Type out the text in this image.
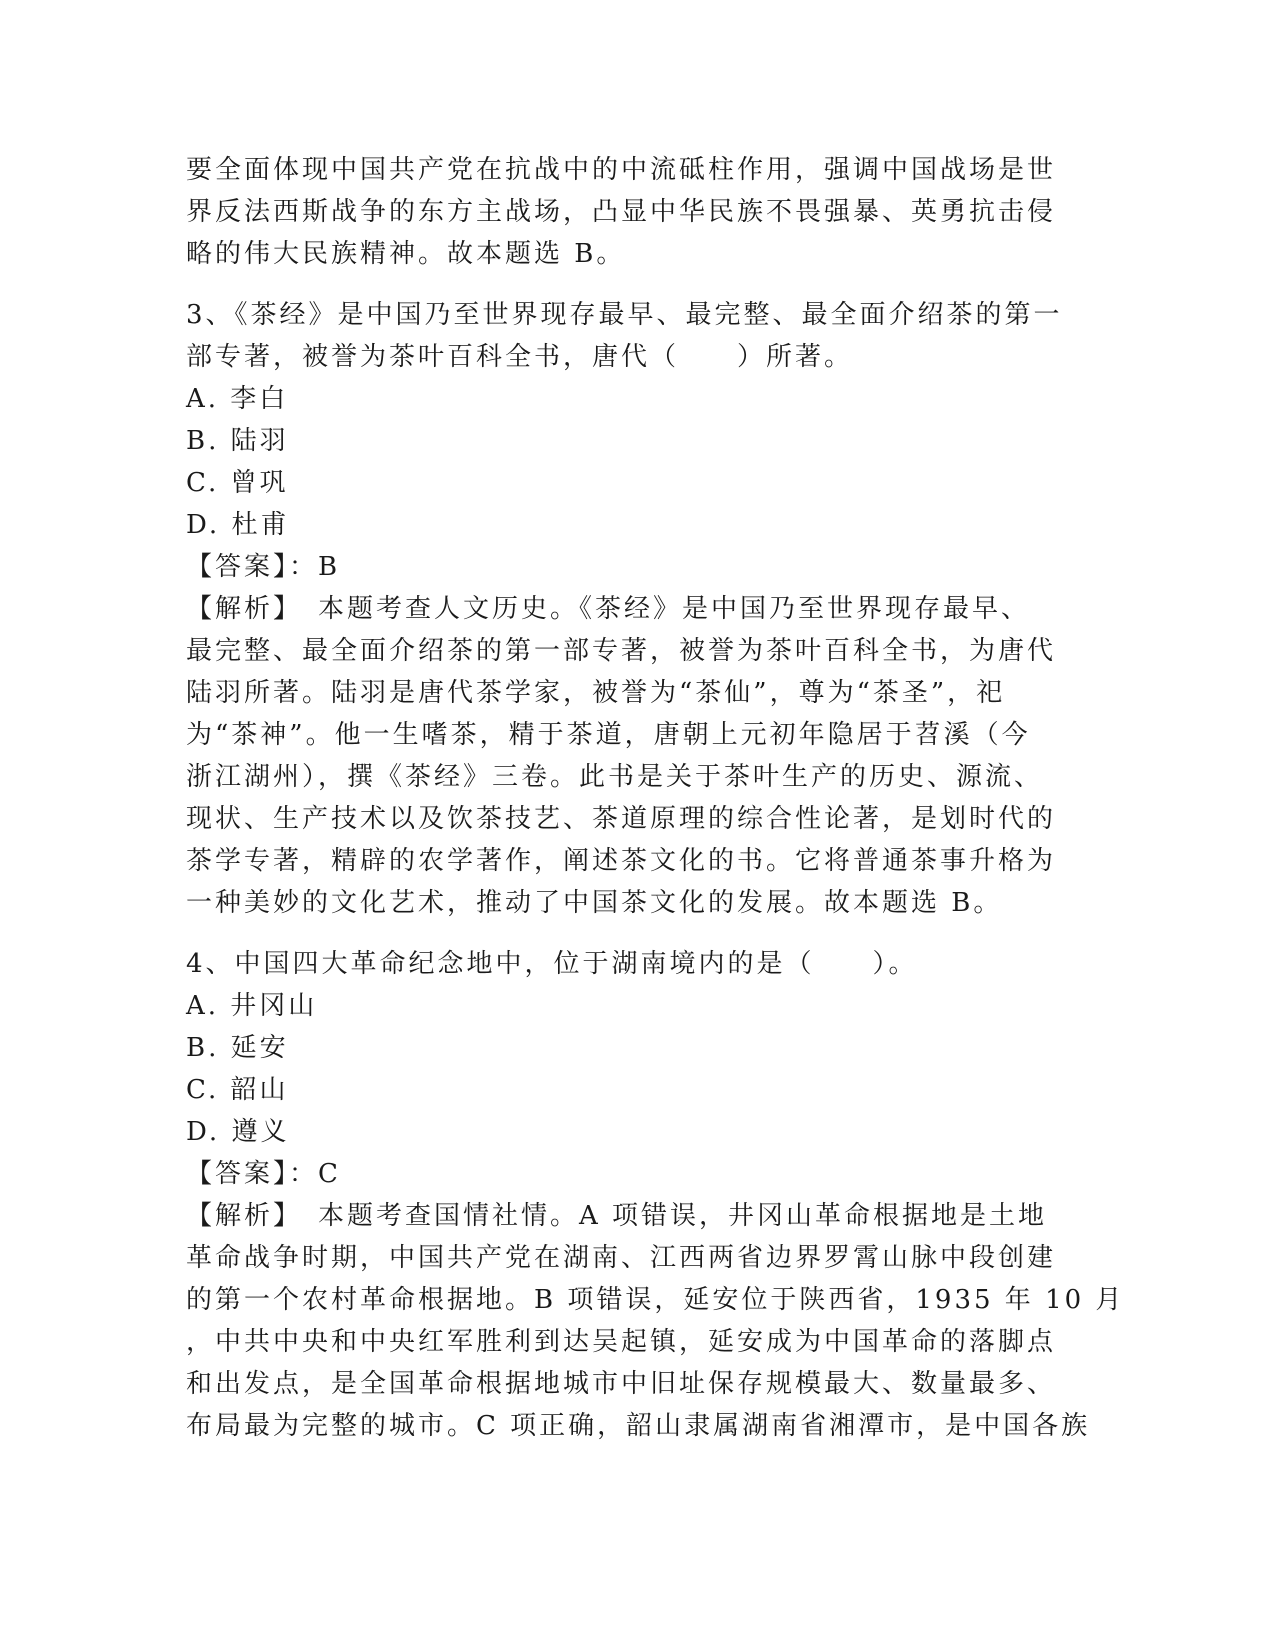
要全面体现中国共产党在抗战中的中流砥柱作用，强调中国战场是世
界反法西斯战争的东方主战场，凸显中华民族不畏强暴、英勇抗击侵
略的伟大民族精神。故本题选 B。
3、《茶经》是中国乃至世界现存最早、最完整、最全面介绍茶的第一
部专著，被誉为茶叶百科全书，唐代（　　）所著。
A. 李白
B. 陆羽
C. 曾巩
D. 杜甫
【答案】：B
【解析】　本题考查人文历史。《茶经》是中国乃至世界现存最早、
最完整、最全面介绍茶的第一部专著，被誉为茶叶百科全书，为唐代
陆羽所著。陆羽是唐代茶学家，被誉为“茶仙”，尊为“茶圣”，祀
为“茶神”。他一生嗜茶，精于茶道，唐朝上元初年隐居于苕溪（今
浙江湖州），撰《茶经》三卷。此书是关于茶叶生产的历史、源流、
现状、生产技术以及饮茶技艺、茶道原理的综合性论著，是划时代的
茶学专著，精辟的农学著作，阐述茶文化的书。它将普通茶事升格为
一种美妙的文化艺术，推动了中国茶文化的发展。故本题选 B。
4、中国四大革命纪念地中，位于湖南境内的是（　　）。
A. 井冈山
B. 延安
C. 韶山
D. 遵义
【答案】：C
【解析】　本题考查国情社情。A 项错误，井冈山革命根据地是土地
革命战争时期，中国共产党在湖南、江西两省边界罗霄山脉中段创建
的第一个农村革命根据地。B 项错误，延安位于陕西省，1935 年 10 月
，中共中央和中央红军胜利到达吴起镇，延安成为中国革命的落脚点
和出发点，是全国革命根据地城市中旧址保存规模最大、数量最多、
布局最为完整的城市。C 项正确，韶山隶属湖南省湘潭市，是中国各族
